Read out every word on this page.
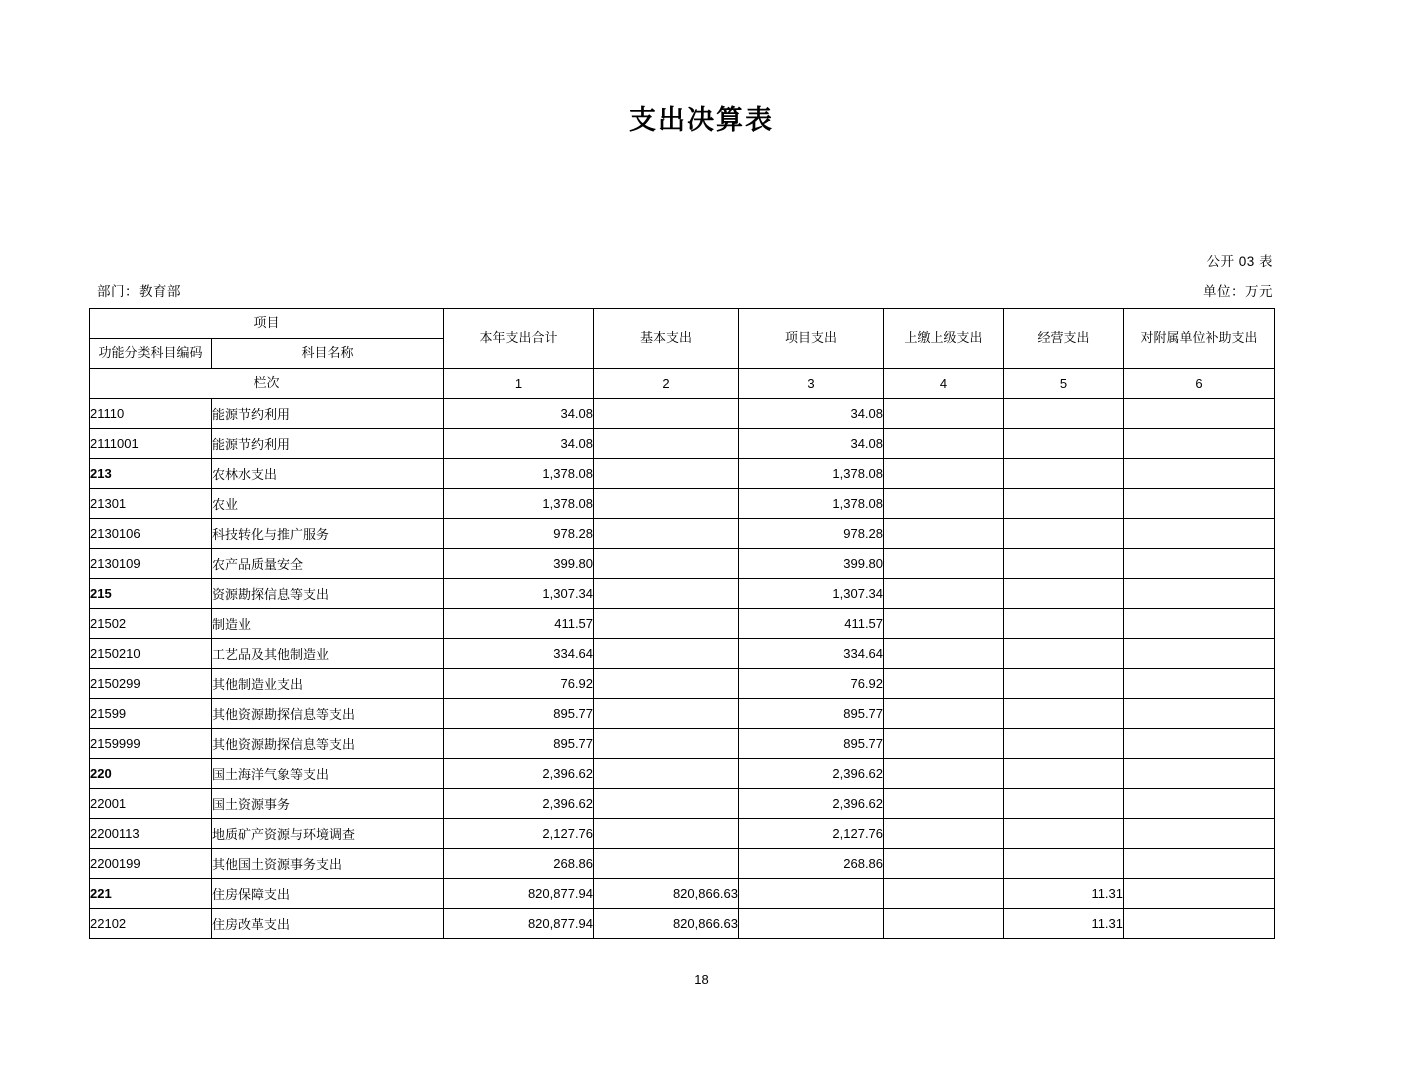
支出决算表
公开 03 表
单位：万元
部门：教育部
项目		本年支出合计	基本支出	项目支出	上缴上级支出	经营支出	对附属单位补助支出
功能分类科目编码	科目名称						
栏次		1	2	3	4	5	6
21110	能源节约利用	34.08		34.08			
2111001	能源节约利用	34.08		34.08			
213	农林水支出	1,378.08		1,378.08			
21301	农业	1,378.08		1,378.08			
2130106	科技转化与推广服务	978.28		978.28			
2130109	农产品质量安全	399.80		399.80			
215	资源勘探信息等支出	1,307.34		1,307.34			
21502	制造业	411.57		411.57			
2150210	工艺品及其他制造业	334.64		334.64			
2150299	其他制造业支出	76.92		76.92			
21599	其他资源勘探信息等支出	895.77		895.77			
2159999	其他资源勘探信息等支出	895.77		895.77			
220	国土海洋气象等支出	2,396.62		2,396.62			
22001	国土资源事务	2,396.62		2,396.62			
2200113	地质矿产资源与环境调查	2,127.76		2,127.76			
2200199	其他国土资源事务支出	268.86		268.86			
221	住房保障支出	820,877.94	820,866.63			11.31	
22102	住房改革支出	820,877.94	820,866.63			11.31	
18
